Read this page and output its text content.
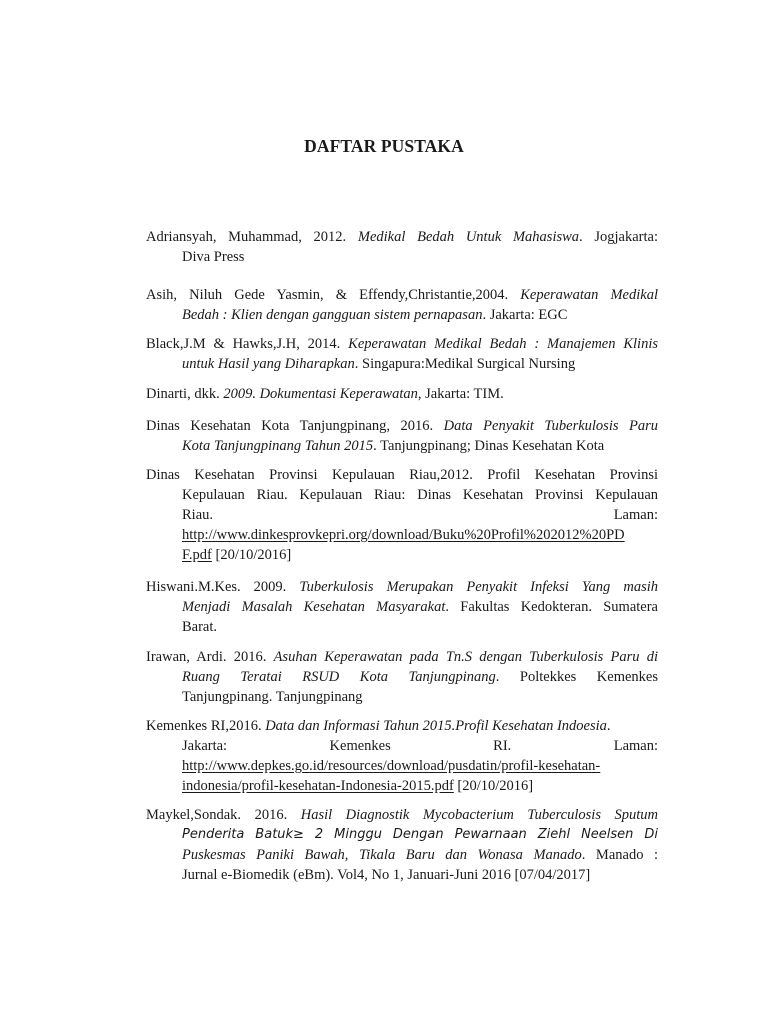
DAFTAR PUSTAKA
Adriansyah, Muhammad, 2012. Medikal Bedah Untuk Mahasiswa. Jogjakarta:
Diva Press
Asih, Niluh Gede Yasmin, & Effendy,Christantie,2004. Keperawatan Medikal
Bedah : Klien dengan gangguan sistem pernapasan. Jakarta: EGC
Black,J.M & Hawks,J.H, 2014. Keperawatan Medikal Bedah : Manajemen Klinis
untuk Hasil yang Diharapkan. Singapura:Medikal Surgical Nursing
Dinarti, dkk. 2009. Dokumentasi Keperawatan, Jakarta: TIM.
Dinas Kesehatan Kota Tanjungpinang, 2016. Data Penyakit Tuberkulosis Paru
Kota Tanjungpinang Tahun 2015. Tanjungpinang; Dinas Kesehatan Kota
Dinas Kesehatan Provinsi Kepulauan Riau,2012. Profil Kesehatan Provinsi
Kepulauan Riau. Kepulauan Riau: Dinas Kesehatan Provinsi Kepulauan
Riau.	Laman:
http://www.dinkesprovkepri.org/download/Buku%20Profil%202012%20PD
F.pdf [20/10/2016]
Hiswani.M.Kes. 2009. Tuberkulosis Merupakan Penyakit Infeksi Yang masih
Menjadi Masalah Kesehatan Masyarakat. Fakultas Kedokteran. Sumatera
Barat.
Irawan, Ardi. 2016. Asuhan Keperawatan pada Tn.S dengan Tuberkulosis Paru di
Ruang Teratai RSUD Kota Tanjungpinang. Poltekkes Kemenkes
Tanjungpinang. Tanjungpinang
Kemenkes RI,2016. Data dan Informasi Tahun 2015.Profil Kesehatan Indoesia.
Jakarta:	Kemenkes	RI.	Laman:
http://www.depkes.go.id/resources/download/pusdatin/profil-kesehatan-
indonesia/profil-kesehatan-Indonesia-2015.pdf [20/10/2016]
Maykel,Sondak. 2016. Hasil Diagnostik Mycobacterium Tuberculosis Sputum
Penderita Batuk≥ 2 Minggu Dengan Pewarnaan Ziehl Neelsen Di
Puskesmas Paniki Bawah, Tikala Baru dan Wonasa Manado. Manado :
Jurnal e-Biomedik (eBm). Vol4, No 1, Januari-Juni 2016 [07/04/2017]
